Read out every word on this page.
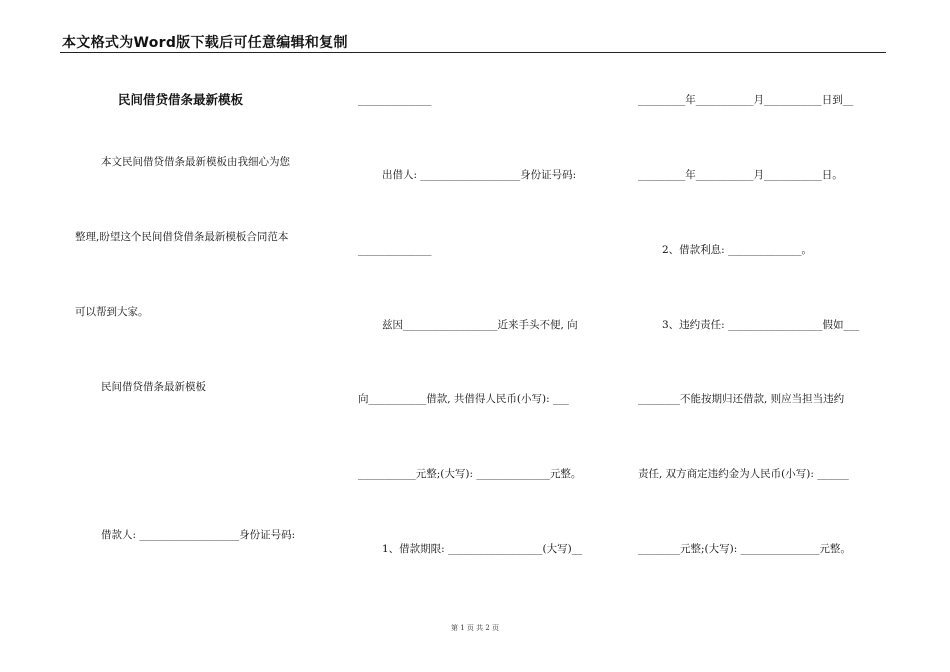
本文格式为Word版下载后可任意编辑和复制
民间借贷借条最新模板
本文民间借贷借条最新模板由我细心为您
整理,盼望这个民间借贷借条最新模板合同范本
可以帮到大家。
民间借贷借条最新模板
借款人: ___________________身份证号码:
______________
出借人: ___________________身份证号码:
______________
兹因__________________近来手头不便, 向
向___________借款, 共借得人民币(小写): ___
___________元整;(大写): ______________元整。
1、借款期限: __________________(大写)__
_________年___________月___________日到__
_________年___________月___________日。
2、借款利息: ______________。
3、违约责任: __________________假如___
________不能按期归还借款, 则应当担当违约
责任, 双方商定违约金为人民币(小写): ______
________元整;(大写): _______________元整。
第 1 页 共 2 页
